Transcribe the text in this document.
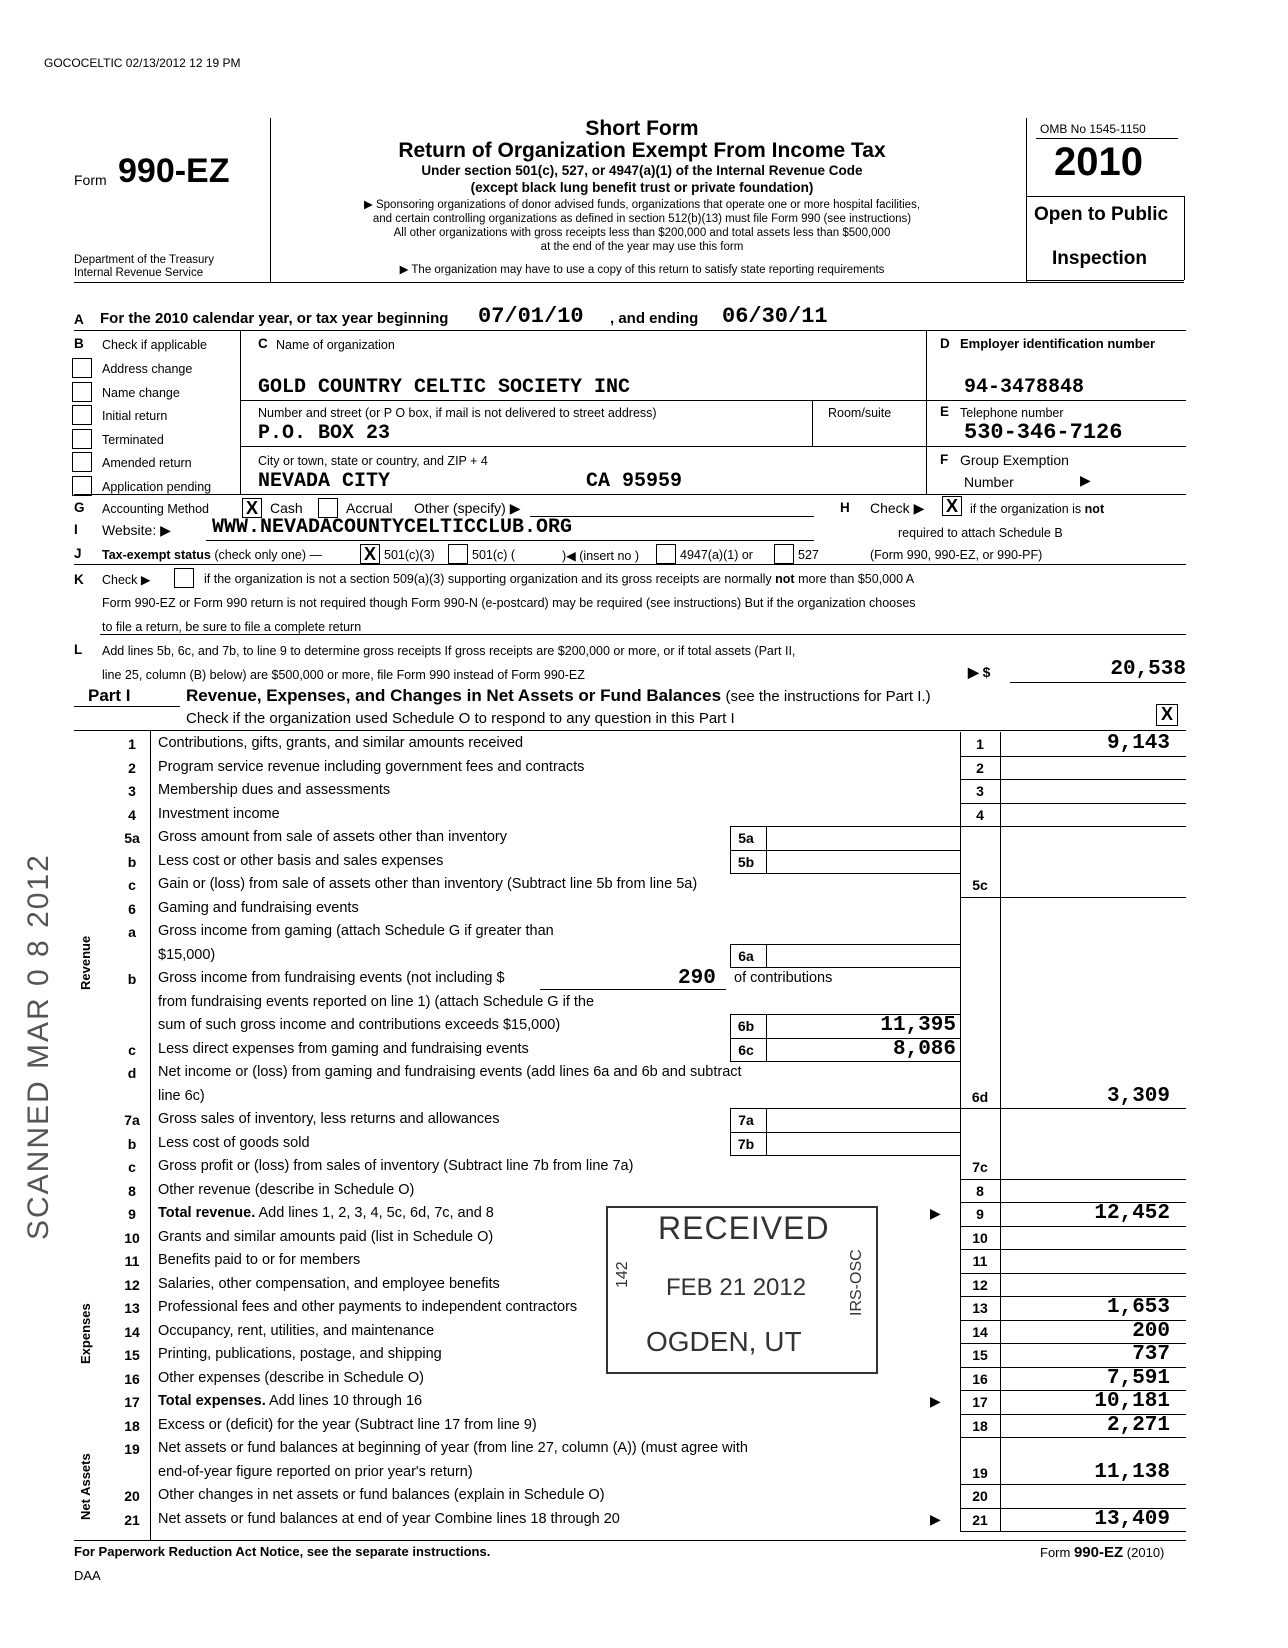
GOCOCELTIC 02/13/2012 12 19 PM
Form 990-EZ
Department of the Treasury
Internal Revenue Service
Short Form
Return of Organization Exempt From Income Tax
Under section 501(c), 527, or 4947(a)(1) of the Internal Revenue Code
(except black lung benefit trust or private foundation)
▶ Sponsoring organizations of donor advised funds, organizations that operate one or more hospital facilities,
and certain controlling organizations as defined in section 512(b)(13) must file Form 990 (see instructions)
All other organizations with gross receipts less than $200,000 and total assets less than $500,000
at the end of the year may use this form
▶ The organization may have to use a copy of this return to satisfy state reporting requirements
OMB No 1545-1150
2010
Open to Public
Inspection
A For the 2010 calendar year, or tax year beginning 07/01/10 , and ending 06/30/11
B Check if applicable
Address change
Name change
Initial return
Terminated
Amended return
Application pending
C Name of organization
GOLD COUNTRY CELTIC SOCIETY INC
Number and street (or P O box, if mail is not delivered to street address)	Room/suite
P.O. BOX 23
City or town, state or country, and ZIP + 4
NEVADA CITY	CA 95959
D Employer identification number
94-3478848
E Telephone number
530-346-7126
F Group Exemption
Number	▶
G Accounting Method X Cash	Accrual Other (specify) ▶	H Check ▶ X if the organization is not
required to attach Schedule B
I Website: ▶ WWW.NEVADACOUNTYCELTICCLUB.ORG
J Tax-exempt status (check only one) — X 501(c)(3)	501(c) (	)◀ (insert no )	4947(a)(1) or	527	(Form 990, 990-EZ, or 990-PF)
K Check ▶	if the organization is not a section 509(a)(3) supporting organization and its gross receipts are normally not more than $50,000 A
Form 990-EZ or Form 990 return is not required though Form 990-N (e-postcard) may be required (see instructions) But if the organization chooses
to file a return, be sure to file a complete return
L Add lines 5b, 6c, and 7b, to line 9 to determine gross receipts If gross receipts are $200,000 or more, or if total assets (Part II,
line 25, column (B) below) are $500,000 or more, file Form 990 instead of Form 990-EZ	▶ $	20,538
Part I	Revenue, Expenses, and Changes in Net Assets or Fund Balances (see the instructions for Part I.)
Check if the organization used Schedule O to respond to any question in this Part I	X
1	Contributions, gifts, grants, and similar amounts received	1	9,143
2	Program service revenue including government fees and contracts	2
3	Membership dues and assessments	3
4	Investment income	4
5a	Gross amount from sale of assets other than inventory	5a
b	Less cost or other basis and sales expenses	5b
c	Gain or (loss) from sale of assets other than inventory (Subtract line 5b from line 5a)	5c
6	Gaming and fundraising events
a	Gross income from gaming (attach Schedule G if greater than
$15,000)	6a
b	Gross income from fundraising events (not including $	290 of contributions
from fundraising events reported on line 1) (attach Schedule G if the
sum of such gross income and contributions exceeds $15,000)	6b	11,395
c	Less direct expenses from gaming and fundraising events	6c	8,086
d	Net income or (loss) from gaming and fundraising events (add lines 6a and 6b and subtract
line 6c)	6d	3,309
7a	Gross sales of inventory, less returns and allowances	7a
b	Less cost of goods sold	7b
c	Gross profit or (loss) from sales of inventory (Subtract line 7b from line 7a)	7c
8	Other revenue (describe in Schedule O)	8
9	Total revenue. Add lines 1, 2, 3, 4, 5c, 6d, 7c, and 8	▶	9	12,452
10	Grants and similar amounts paid (list in Schedule O)	10
11	Benefits paid to or for members	11
12	Salaries, other compensation, and employee benefits	12
13	Professional fees and other payments to independent contractors	13	1,653
14	Occupancy, rent, utilities, and maintenance	14	200
15	Printing, publications, postage, and shipping	15	737
16	Other expenses (describe in Schedule O)	16	7,591
17	Total expenses. Add lines 10 through 16	▶	17	10,181
18	Excess or (deficit) for the year (Subtract line 17 from line 9)	18	2,271
19	Net assets or fund balances at beginning of year (from line 27, column (A)) (must agree with
end-of-year figure reported on prior year's return)	19	11,138
20	Other changes in net assets or fund balances (explain in Schedule O)	20
21	Net assets or fund balances at end of year Combine lines 18 through 20	▶	21	13,409
Revenue
Expenses
Net Assets
RECEIVED
FEB 21 2012
OGDEN, UT
142	IRS-OSC
SCANNED MAR 0 8 2012
For Paperwork Reduction Act Notice, see the separate instructions.	Form 990-EZ (2010)
DAA
